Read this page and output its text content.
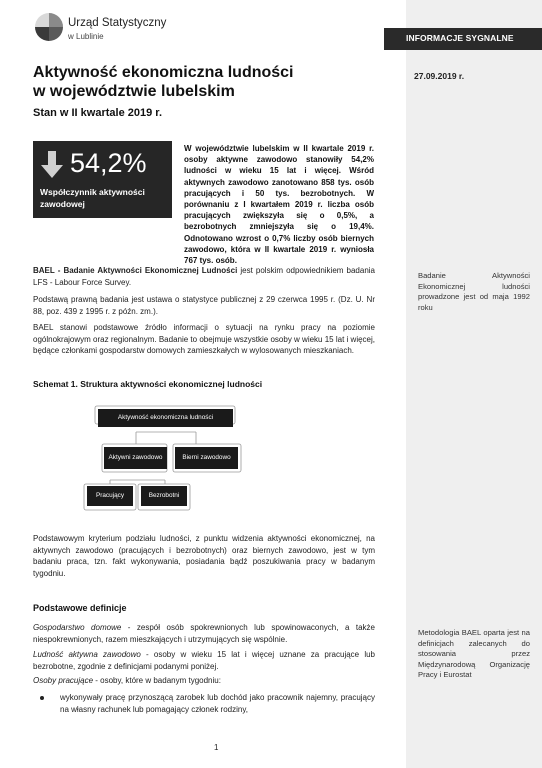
Urząd Statystyczny
w Lublinie	INFORMACJE SYGNALNE
Aktywność ekonomiczna ludności
w województwie lubelskim
Stan w II kwartale 2019 r.
27.09.2019 r.
54,2%
Współczynnik aktywności zawodowej
W województwie lubelskim w II kwartale 2019 r. osoby aktywne zawodowo stanowiły 54,2% ludności w wieku 15 lat i więcej. Wśród aktywnych zawodowo zanotowano 858 tys. osób pracujących i 50 tys. bezrobotnych. W porównaniu z I kwartałem 2019 r. liczba osób pracujących zwiększyła się o 0,5%, a bezrobotnych zmniejszyła się o 19,4%. Odnotowano wzrost o 0,7% liczby osób biernych zawodowo, która w II kwartale 2019 r. wyniosła 767 tys. osób.
BAEL - Badanie Aktywności Ekonomicznej Ludności jest polskim odpowiednikiem badania LFS - Labour Force Survey.
Podstawą prawną badania jest ustawa o statystyce publicznej z 29 czerwca 1995 r. (Dz. U. Nr 88, poz. 439 z 1995 r. z późn. zm.).
BAEL stanowi podstawowe źródło informacji o sytuacji na rynku pracy na poziomie ogólnokrajowym oraz regionalnym. Badanie to obejmuje wszystkie osoby w wieku 15 lat i więcej, będące członkami gospodarstw domowych zamieszkałych w wylosowanych mieszkaniach.
Badanie Aktywności Ekonomicznej ludności prowadzone jest od maja 1992 roku
Schemat 1. Struktura aktywności ekonomicznej ludności
Aktywność ekonomiczna ludności
Aktywni zawodowo	Bierni zawodowo
Pracujący	Bezrobotni
Podstawowym kryterium podziału ludności, z punktu widzenia aktywności ekonomicznej, na aktywnych zawodowo (pracujących i bezrobotnych) oraz biernych zawodowo, jest w tym badaniu praca, tzn. fakt wykonywania, posiadania bądź poszukiwania pracy w badanym tygodniu.
Podstawowe definicje
Gospodarstwo domowe - zespół osób spokrewnionych lub spowinowaconych, a także niespokrewnionych, razem mieszkających i utrzymujących się wspólnie.
Ludność aktywna zawodowo - osoby w wieku 15 lat i więcej uznane za pracujące lub bezrobotne, zgodnie z definicjami podanymi poniżej.
Osoby pracujące - osoby, które w badanym tygodniu:
wykonywały pracę przynoszącą zarobek lub dochód jako pracownik najemny, pracujący na własny rachunek lub pomagający członek rodziny,
Metodologia BAEL oparta jest na definicjach zalecanych do stosowania przez Międzynarodową Organizację Pracy i Eurostat
1
